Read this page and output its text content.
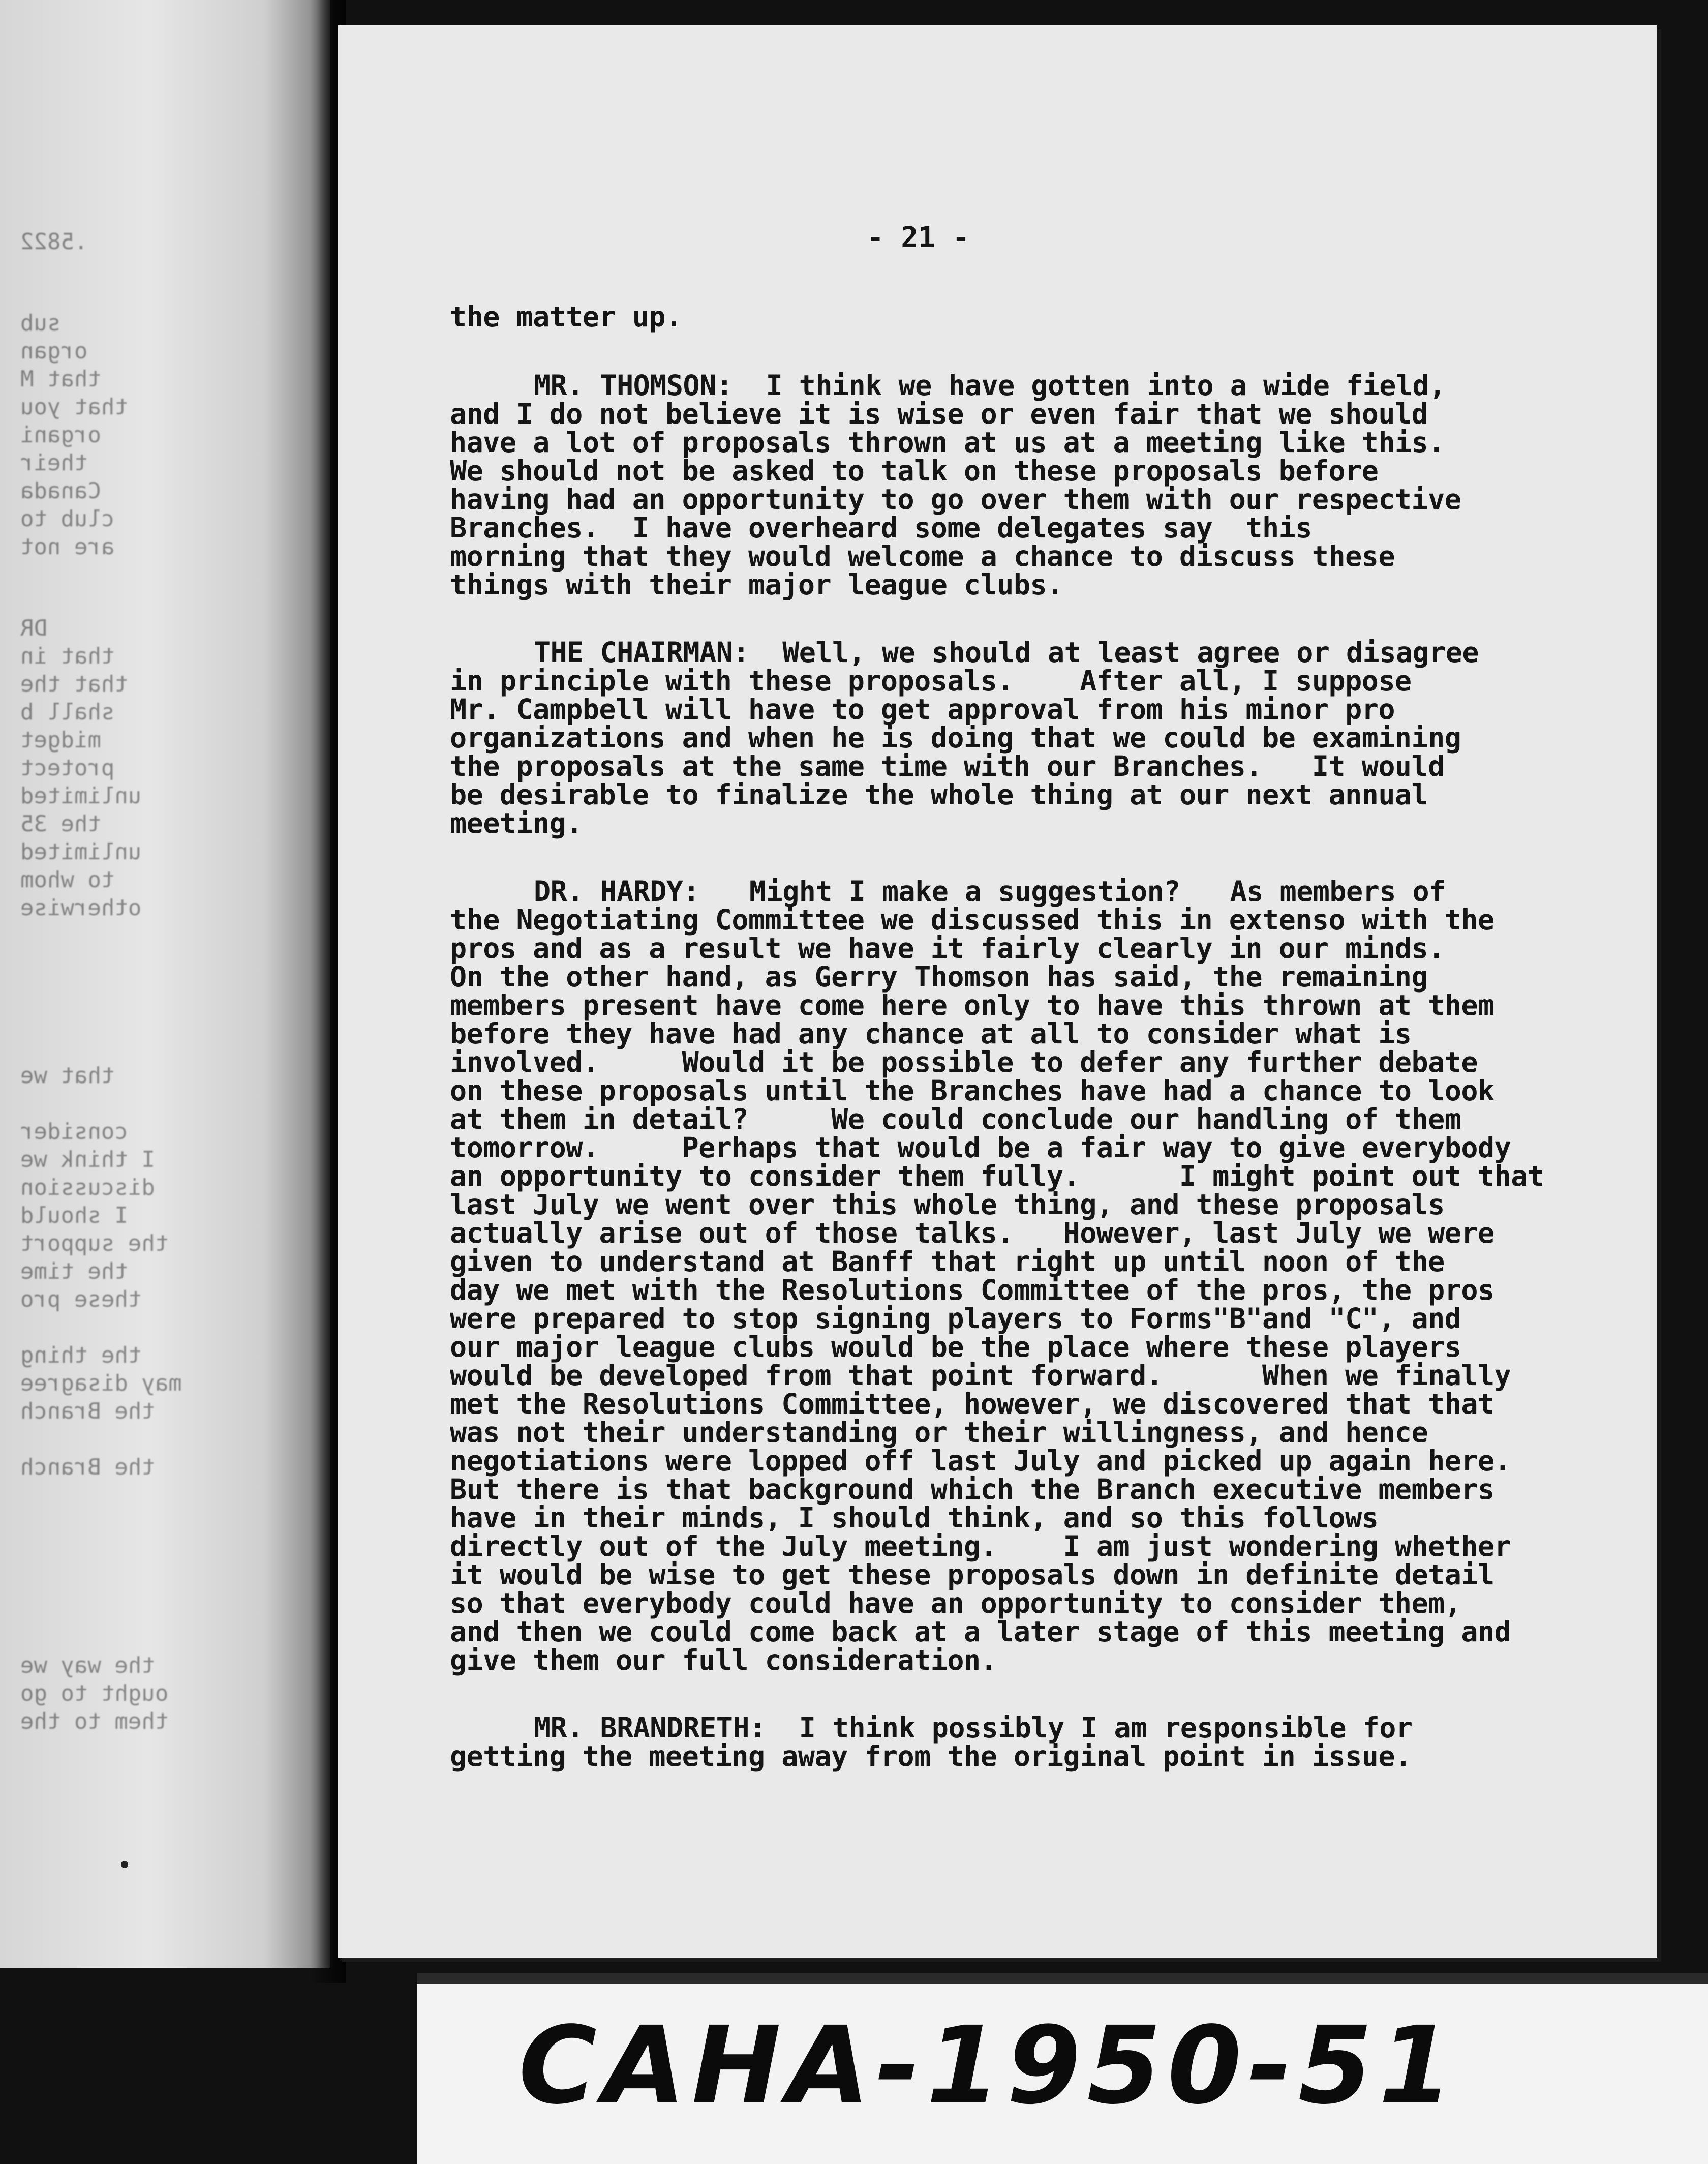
.5822
sub
organ
that M
that you
organi
their
Canada
club to
are not
DR
that in
that the
shall b
midget
protect
unlimited
the 35
unlimited
to whom
otherwise
that we
consider
I think we
discussion
I should
the support
the time
these pro
the thing
may disagree
the Branch
the Branch
the way we
ought to go
them to the
- 21 -
the matter up.
MR. THOMSON:  I think we have gotten into a wide field,
and I do not believe it is wise or even fair that we should
have a lot of proposals thrown at us at a meeting like this.
We should not be asked to talk on these proposals before
having had an opportunity to go over them with our respective
Branches.  I have overheard some delegates say  this
morning that they would welcome a chance to discuss these
things with their major league clubs.
THE CHAIRMAN:  Well, we should at least agree or disagree
in principle with these proposals.    After all, I suppose
Mr. Campbell will have to get approval from his minor pro
organizations and when he is doing that we could be examining
the proposals at the same time with our Branches.   It would
be desirable to finalize the whole thing at our next annual
meeting.
DR. HARDY:   Might I make a suggestion?   As members of
the Negotiating Committee we discussed this in extenso with the
pros and as a result we have it fairly clearly in our minds.
On the other hand, as Gerry Thomson has said, the remaining
members present have come here only to have this thrown at them
before they have had any chance at all to consider what is
involved.     Would it be possible to defer any further debate
on these proposals until the Branches have had a chance to look
at them in detail?     We could conclude our handling of them
tomorrow.     Perhaps that would be a fair way to give everybody
an opportunity to consider them fully.      I might point out that
last July we went over this whole thing, and these proposals
actually arise out of those talks.   However, last July we were
given to understand at Banff that right up until noon of the
day we met with the Resolutions Committee of the pros, the pros
were prepared to stop signing players to Forms"B"and "C", and
our major league clubs would be the place where these players
would be developed from that point forward.      When we finally
met the Resolutions Committee, however, we discovered that that
was not their understanding or their willingness, and hence
negotiations were lopped off last July and picked up again here.
But there is that background which the Branch executive members
have in their minds, I should think, and so this follows
directly out of the July meeting.    I am just wondering whether
it would be wise to get these proposals down in definite detail
so that everybody could have an opportunity to consider them,
and then we could come back at a later stage of this meeting and
give them our full consideration.
MR. BRANDRETH:  I think possibly I am responsible for
getting the meeting away from the original point in issue.
CAHA-1950-51
